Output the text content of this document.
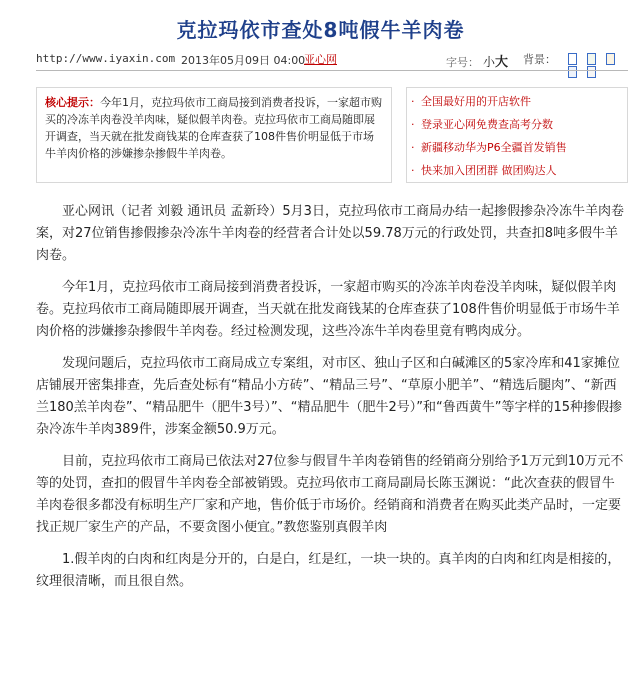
克拉玛依市查处8吨假牛羊肉卷
http://www.iyaxin.com 2013年05月09日 04:00
亚心网	字号： 小大 背景：
核心提示：今年1月，克拉玛依市工商局接到消费者投诉，一家超市购买的冷冻羊肉卷没羊肉味，疑似假羊肉卷。克拉玛依市工商局随即展开调查，当天就在批发商钱某的仓库查获了108件售价明显低于市场牛羊肉价格的涉嫌掺杂掺假牛羊肉卷。
· 全国最好用的开店软件
· 登录亚心网免费查高考分数
· 新疆移动华为P6全疆首发销售
· 快来加入团团群 做团购达人

亚心网讯（记者 刘毅 通讯员 孟新玲）5月3日，克拉玛依市工商局办结一起掺假掺杂冷冻牛羊肉卷案，对27位销售掺假掺杂冷冻牛羊肉卷的经营者合计处以59.78万元的行政处罚，共查扣8吨多假牛羊肉卷。

今年1月，克拉玛依市工商局接到消费者投诉，一家超市购买的冷冻羊肉卷没羊肉味，疑似假羊肉卷。克拉玛依市工商局随即展开调查，当天就在批发商钱某的仓库查获了108件售价明显低于市场牛羊肉价格的涉嫌掺杂掺假牛羊肉卷。经过检测发现，这些冷冻牛羊肉卷里竟有鸭肉成分。

发现问题后，克拉玛依市工商局成立专案组，对市区、独山子区和白碱滩区的5家冷库和41家摊位店铺展开密集排查，先后查处标有“精品小方砖”、“精品三号”、“草原小肥羊”、“精选后腿肉”、“新西兰180羔羊肉卷”、“精品肥牛（肥牛3号）”、“精品肥牛（肥牛2号）”和“鲁西黄牛”等字样的15种掺假掺杂冷冻牛羊肉389件，涉案金额50.9万元。

目前，克拉玛依市工商局已依法对27位参与假冒牛羊肉卷销售的经销商分别给予1万元到10万元不等的处罚，查扣的假冒牛羊肉卷全部被销毁。克拉玛依市工商局副局长陈玉渊说：“此次查获的假冒牛羊肉卷很多都没有标明生产厂家和产地，售价低于市场价。经销商和消费者在购买此类产品时，一定要找正规厂家生产的产品，不要贪图小便宜。”教您鉴别真假羊肉

1.假羊肉的白肉和红肉是分开的，白是白，红是红，一块一块的。真羊肉的白肉和红肉是相接的，纹理很清晰，而且很自然。
